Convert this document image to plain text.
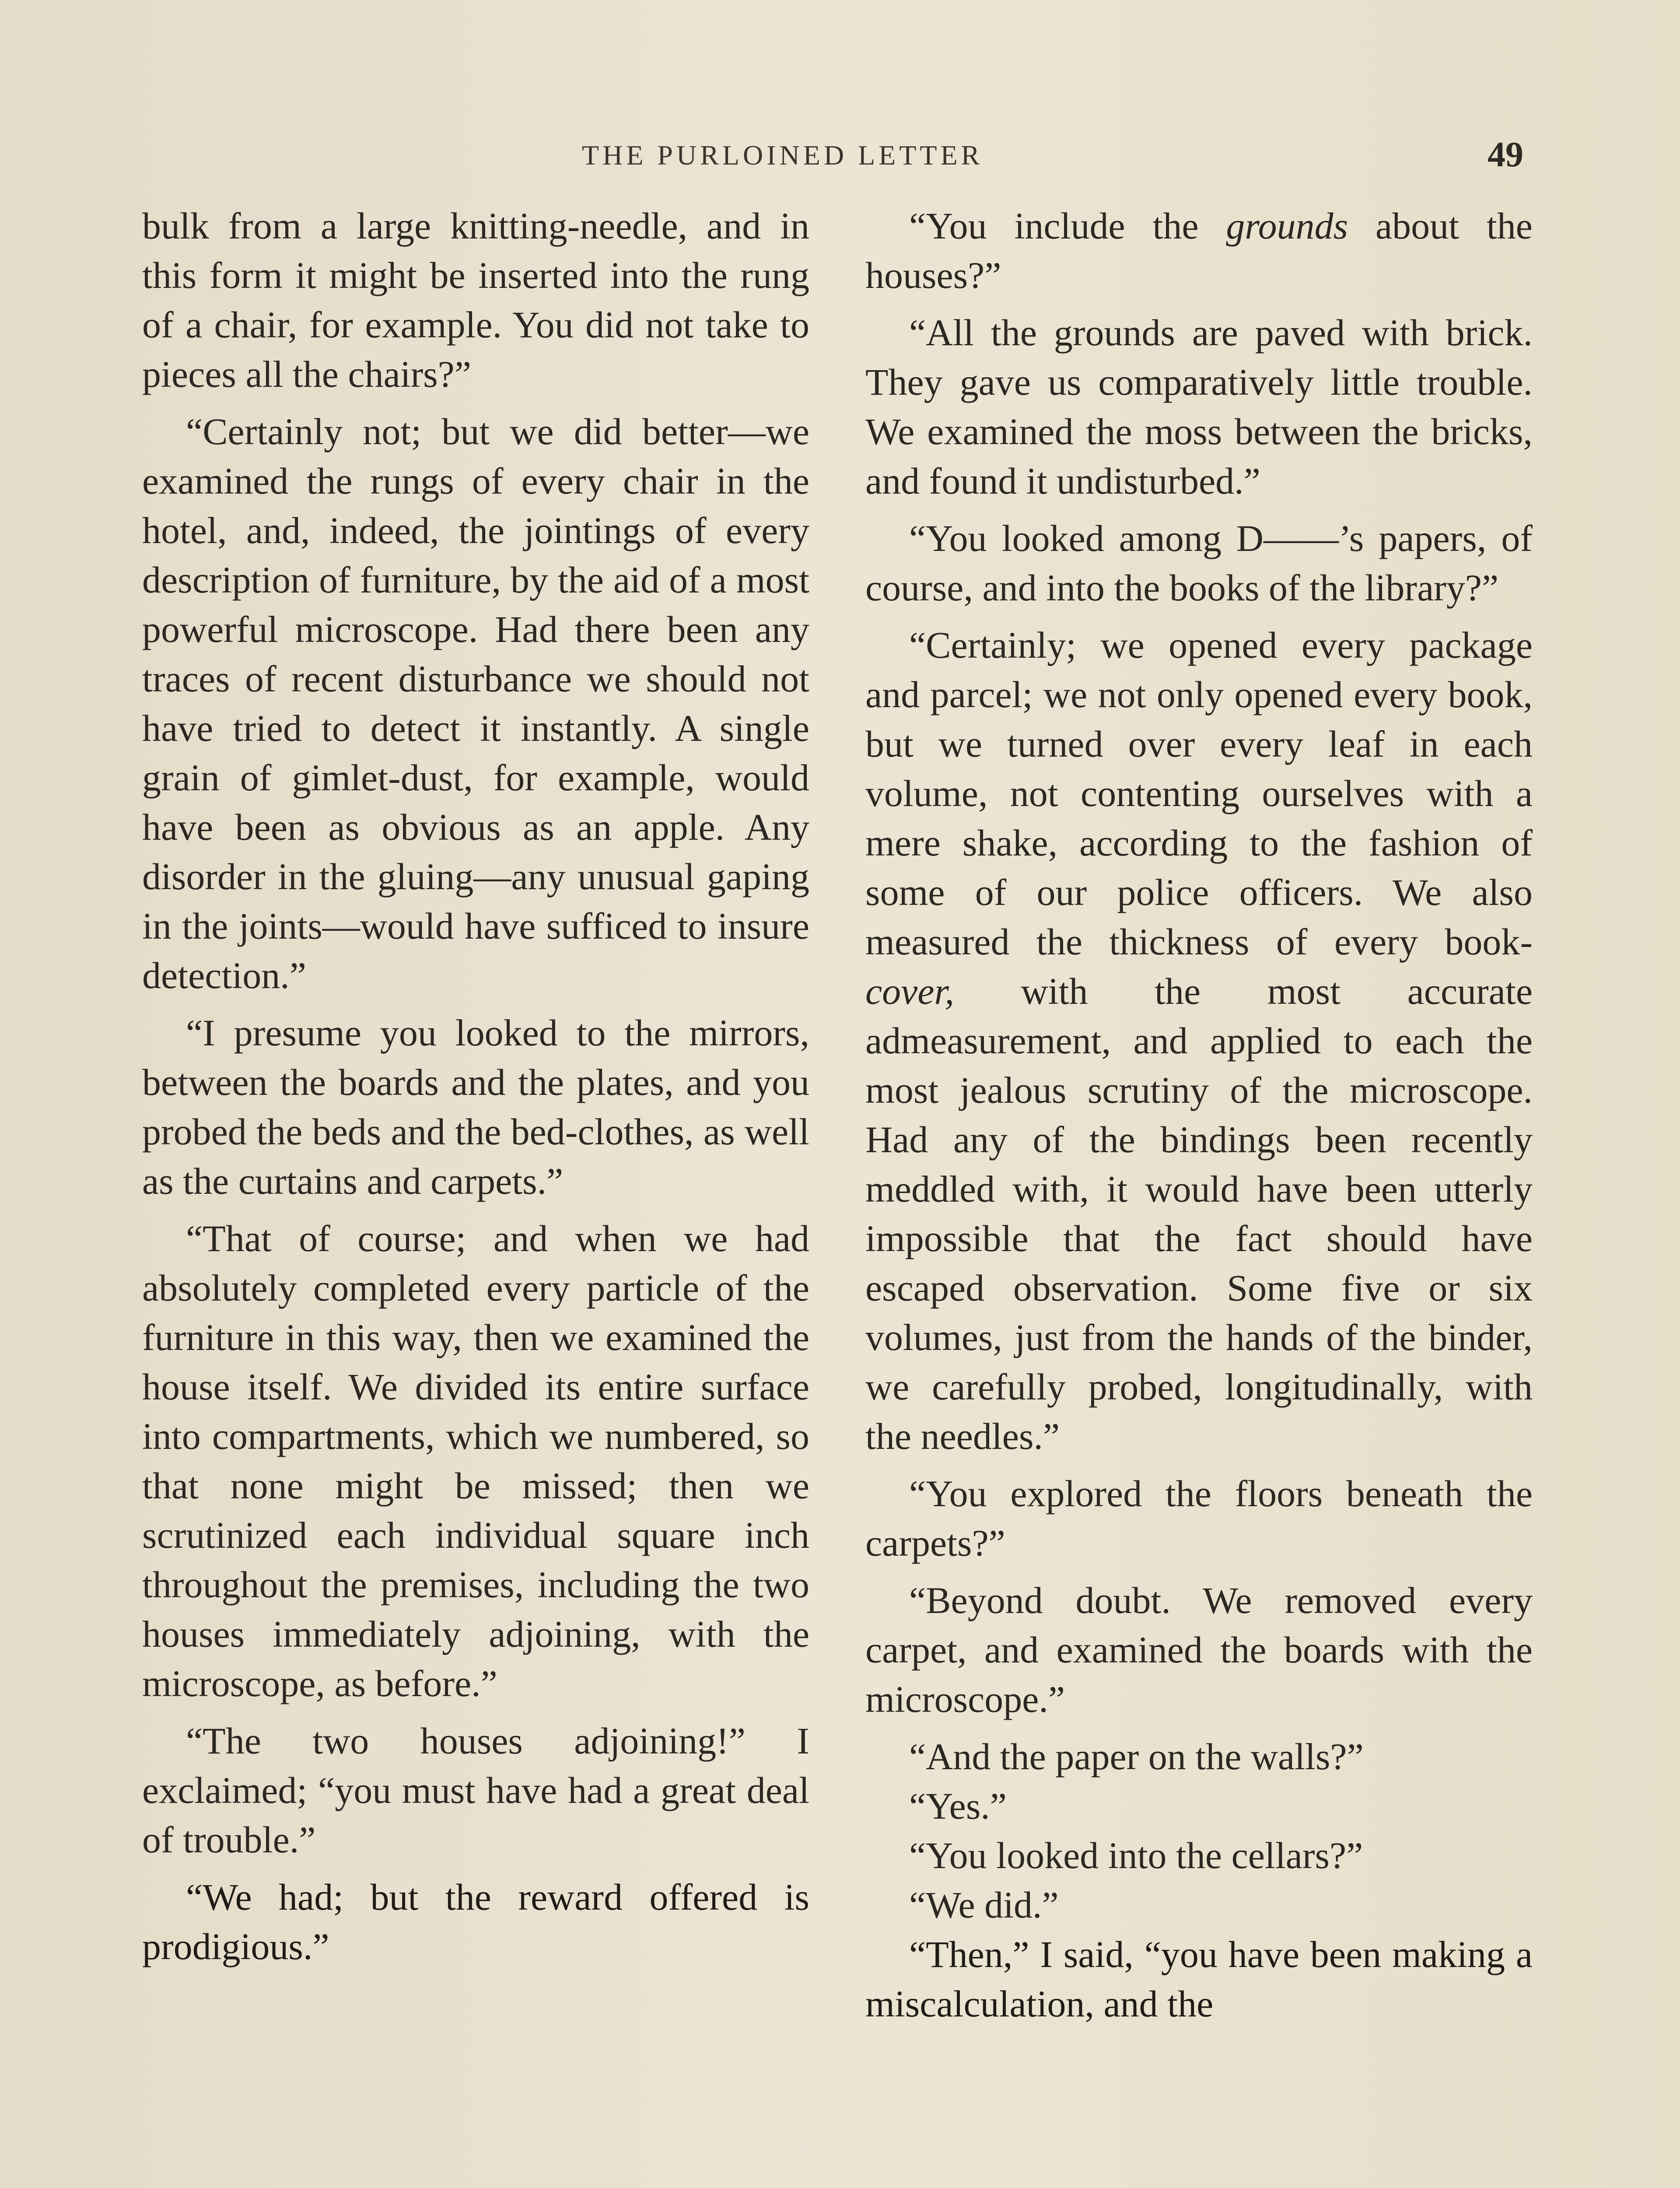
THE PURLOINED LETTER	49

bulk from a large knitting-needle, and in this form it might be inserted into the rung of a chair, for example. You did not take to pieces all the chairs?”

“Certainly not; but we did better—we examined the rungs of every chair in the hotel, and, indeed, the jointings of every description of furniture, by the aid of a most powerful microscope. Had there been any traces of recent disturbance we should not have tried to detect it instantly. A single grain of gimlet-dust, for example, would have been as obvious as an apple. Any disorder in the gluing—any unusual gaping in the joints—would have sufficed to insure detection.”

“I presume you looked to the mirrors, between the boards and the plates, and you probed the beds and the bed-clothes, as well as the curtains and carpets.”

“That of course; and when we had absolutely completed every particle of the furniture in this way, then we examined the house itself. We divided its entire surface into compartments, which we numbered, so that none might be missed; then we scrutinized each individual square inch throughout the premises, including the two houses immediately adjoining, with the microscope, as before.”

“The two houses adjoining!” I exclaimed; “you must have had a great deal of trouble.”

“We had; but the reward offered is prodigious.”

“You include the grounds about the houses?”

“All the grounds are paved with brick. They gave us comparatively little trouble. We examined the moss between the bricks, and found it undisturbed.”

“You looked among D——’s papers, of course, and into the books of the library?”

“Certainly; we opened every package and parcel; we not only opened every book, but we turned over every leaf in each volume, not contenting ourselves with a mere shake, according to the fashion of some of our police officers. We also measured the thickness of every book-cover, with the most accurate admeasurement, and applied to each the most jealous scrutiny of the microscope. Had any of the bindings been recently meddled with, it would have been utterly impossible that the fact should have escaped observation. Some five or six volumes, just from the hands of the binder, we carefully probed, longitudinally, with the needles.”

“You explored the floors beneath the carpets?”

“Beyond doubt. We removed every carpet, and examined the boards with the microscope.”

“And the paper on the walls?”

“Yes.”

“You looked into the cellars?”

“We did.”

“Then,” I said, “you have been making a miscalculation, and the
